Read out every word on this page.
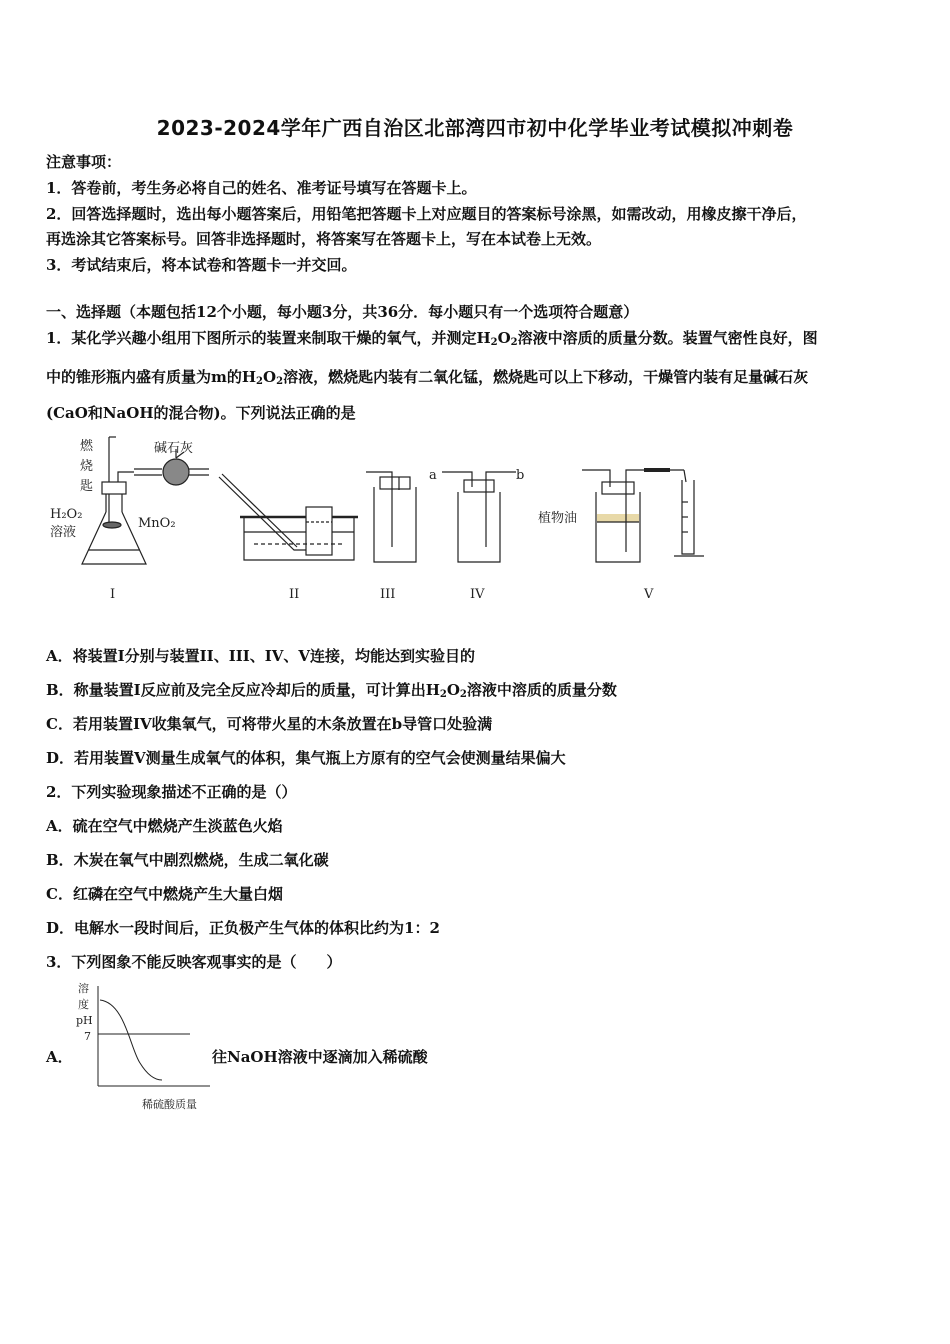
2023-2024学年广西自治区北部湾四市初中化学毕业考试模拟冲刺卷
注意事项：
1．答卷前，考生务必将自己的姓名、准考证号填写在答题卡上。
2．回答选择题时，选出每小题答案后，用铅笔把答题卡上对应题目的答案标号涂黑，如需改动，用橡皮擦干净后，
再选涂其它答案标号。回答非选择题时，将答案写在答题卡上，写在本试卷上无效。
3．考试结束后，将本试卷和答题卡一并交回。
一、选择题（本题包括12个小题，每小题3分，共36分．每小题只有一个选项符合题意）
1．某化学兴趣小组用下图所示的装置来制取干燥的氧气，并测定$H_2O_2$溶液中溶质的质量分数。装置气密性良好，图
中的锥形瓶内盛有质量为m的$H_2O_2$溶液，燃烧匙内装有二氧化锰，燃烧匙可以上下移动，干燥管内装有足量碱石灰
(CaO和NaOH的混合物)。下列说法正确的是
燃
烧
匙
碱石灰
H₂O₂
溶液
MnO₂
a	b
植物油
I	II	III	IV	V
A．将装置I分别与装置II、III、IV、V连接，均能达到实验目的
B．称量装置I反应前及完全反应冷却后的质量，可计算出$H_2O_2$溶液中溶质的质量分数
C．若用装置IV收集氧气，可将带火星的木条放置在b导管口处验满
D．若用装置V测量生成氧气的体积，集气瓶上方原有的空气会使测量结果偏大
2．下列实验现象描述不正确的是（）
A．硫在空气中燃烧产生淡蓝色火焰
B．木炭在氧气中剧烈燃烧，生成二氧化碳
C．红磷在空气中燃烧产生大量白烟
D．电解水一段时间后，正负极产生气体的体积比约为1：2
3．下列图象不能反映客观事实的是（　　）
A．	往NaOH溶液中逐滴加入稀硫酸
溶
度
pH
7
稀硫酸质量
